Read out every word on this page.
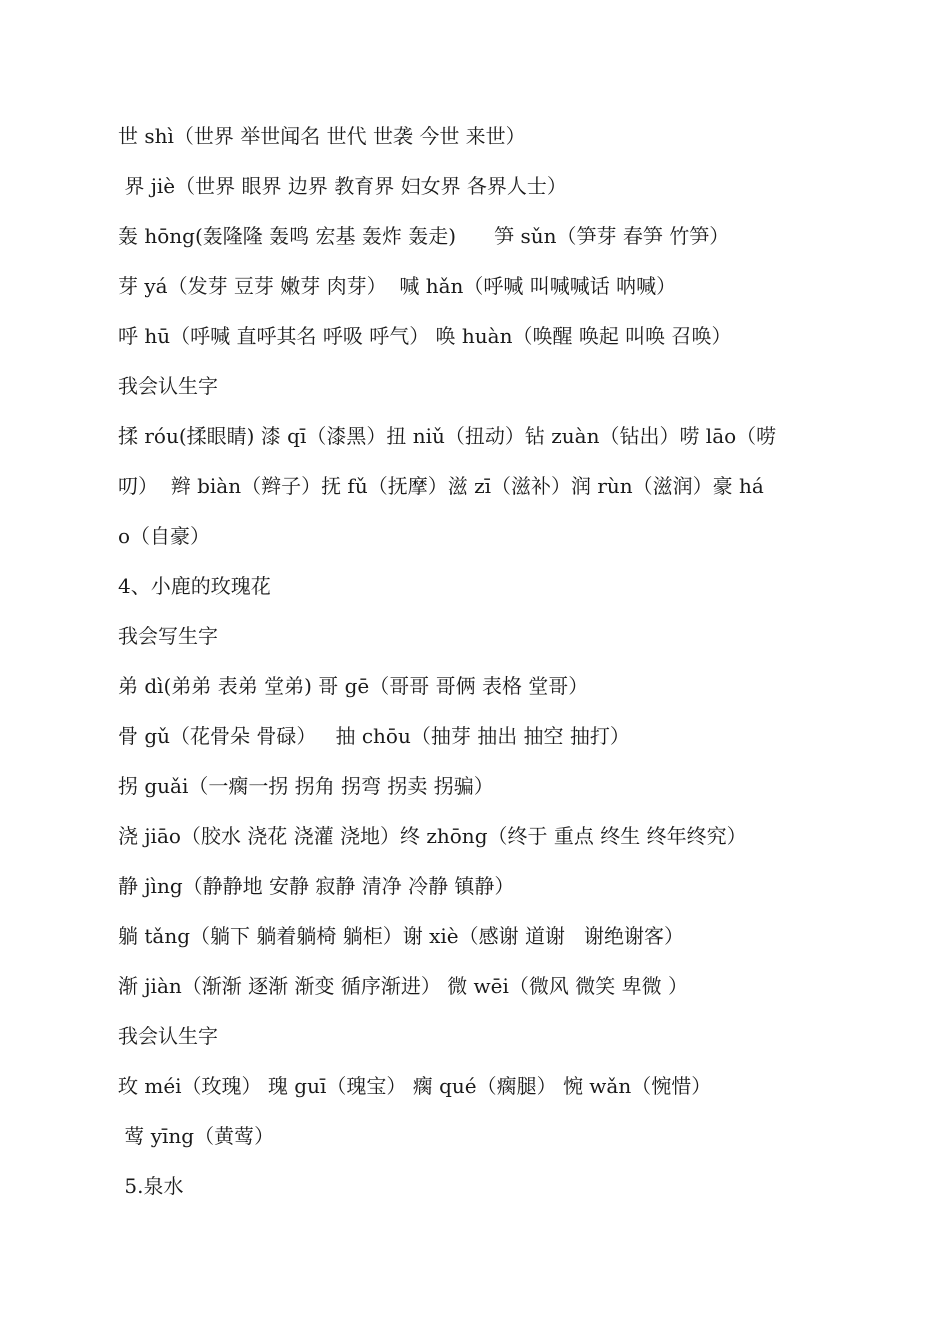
世 shì（世界 举世闻名 世代 世袭 今世 来世）
界 jiè（世界 眼界 边界 教育界 妇女界 各界人士）
轰 hōng(轰隆隆 轰鸣 宏基 轰炸 轰走)      笋 sǔn（笋芽 春笋 竹笋）
芽 yá（发芽 豆芽 嫩芽 肉芽）  喊 hǎn（呼喊 叫喊喊话 呐喊）
呼 hū（呼喊 直呼其名 呼吸 呼气） 唤 huàn（唤醒 唤起 叫唤 召唤）
我会认生字
揉 róu(揉眼睛) 漆 qī（漆黑）扭 niǔ（扭动）钻 zuàn（钻出）唠 lāo（唠
叨）  辫 biàn（辫子）抚 fǔ（抚摩）滋 zī（滋补）润 rùn（滋润）豪 há
o（自豪）
4、小鹿的玫瑰花
我会写生字
弟 dì(弟弟 表弟 堂弟) 哥 gē（哥哥 哥俩 表格 堂哥）
骨 gǔ（花骨朵 骨碌）   抽 chōu（抽芽 抽出 抽空 抽打）
拐 guǎi（一瘸一拐 拐角 拐弯 拐卖 拐骗）
浇 jiāo（胶水 浇花 浇灌 浇地）终 zhōng（终于 重点 终生 终年终究）
静 jìng（静静地 安静 寂静 清净 冷静 镇静）
躺 tǎng（躺下 躺着躺椅 躺柜）谢 xiè（感谢 道谢   谢绝谢客）
渐 jiàn（渐渐 逐渐 渐变 循序渐进） 微 wēi（微风 微笑 卑微 ）
我会认生字
玫 méi（玫瑰） 瑰 guī（瑰宝） 瘸 qué（瘸腿） 惋 wǎn（惋惜）
莺 yīng（黄莺）
5.泉水
